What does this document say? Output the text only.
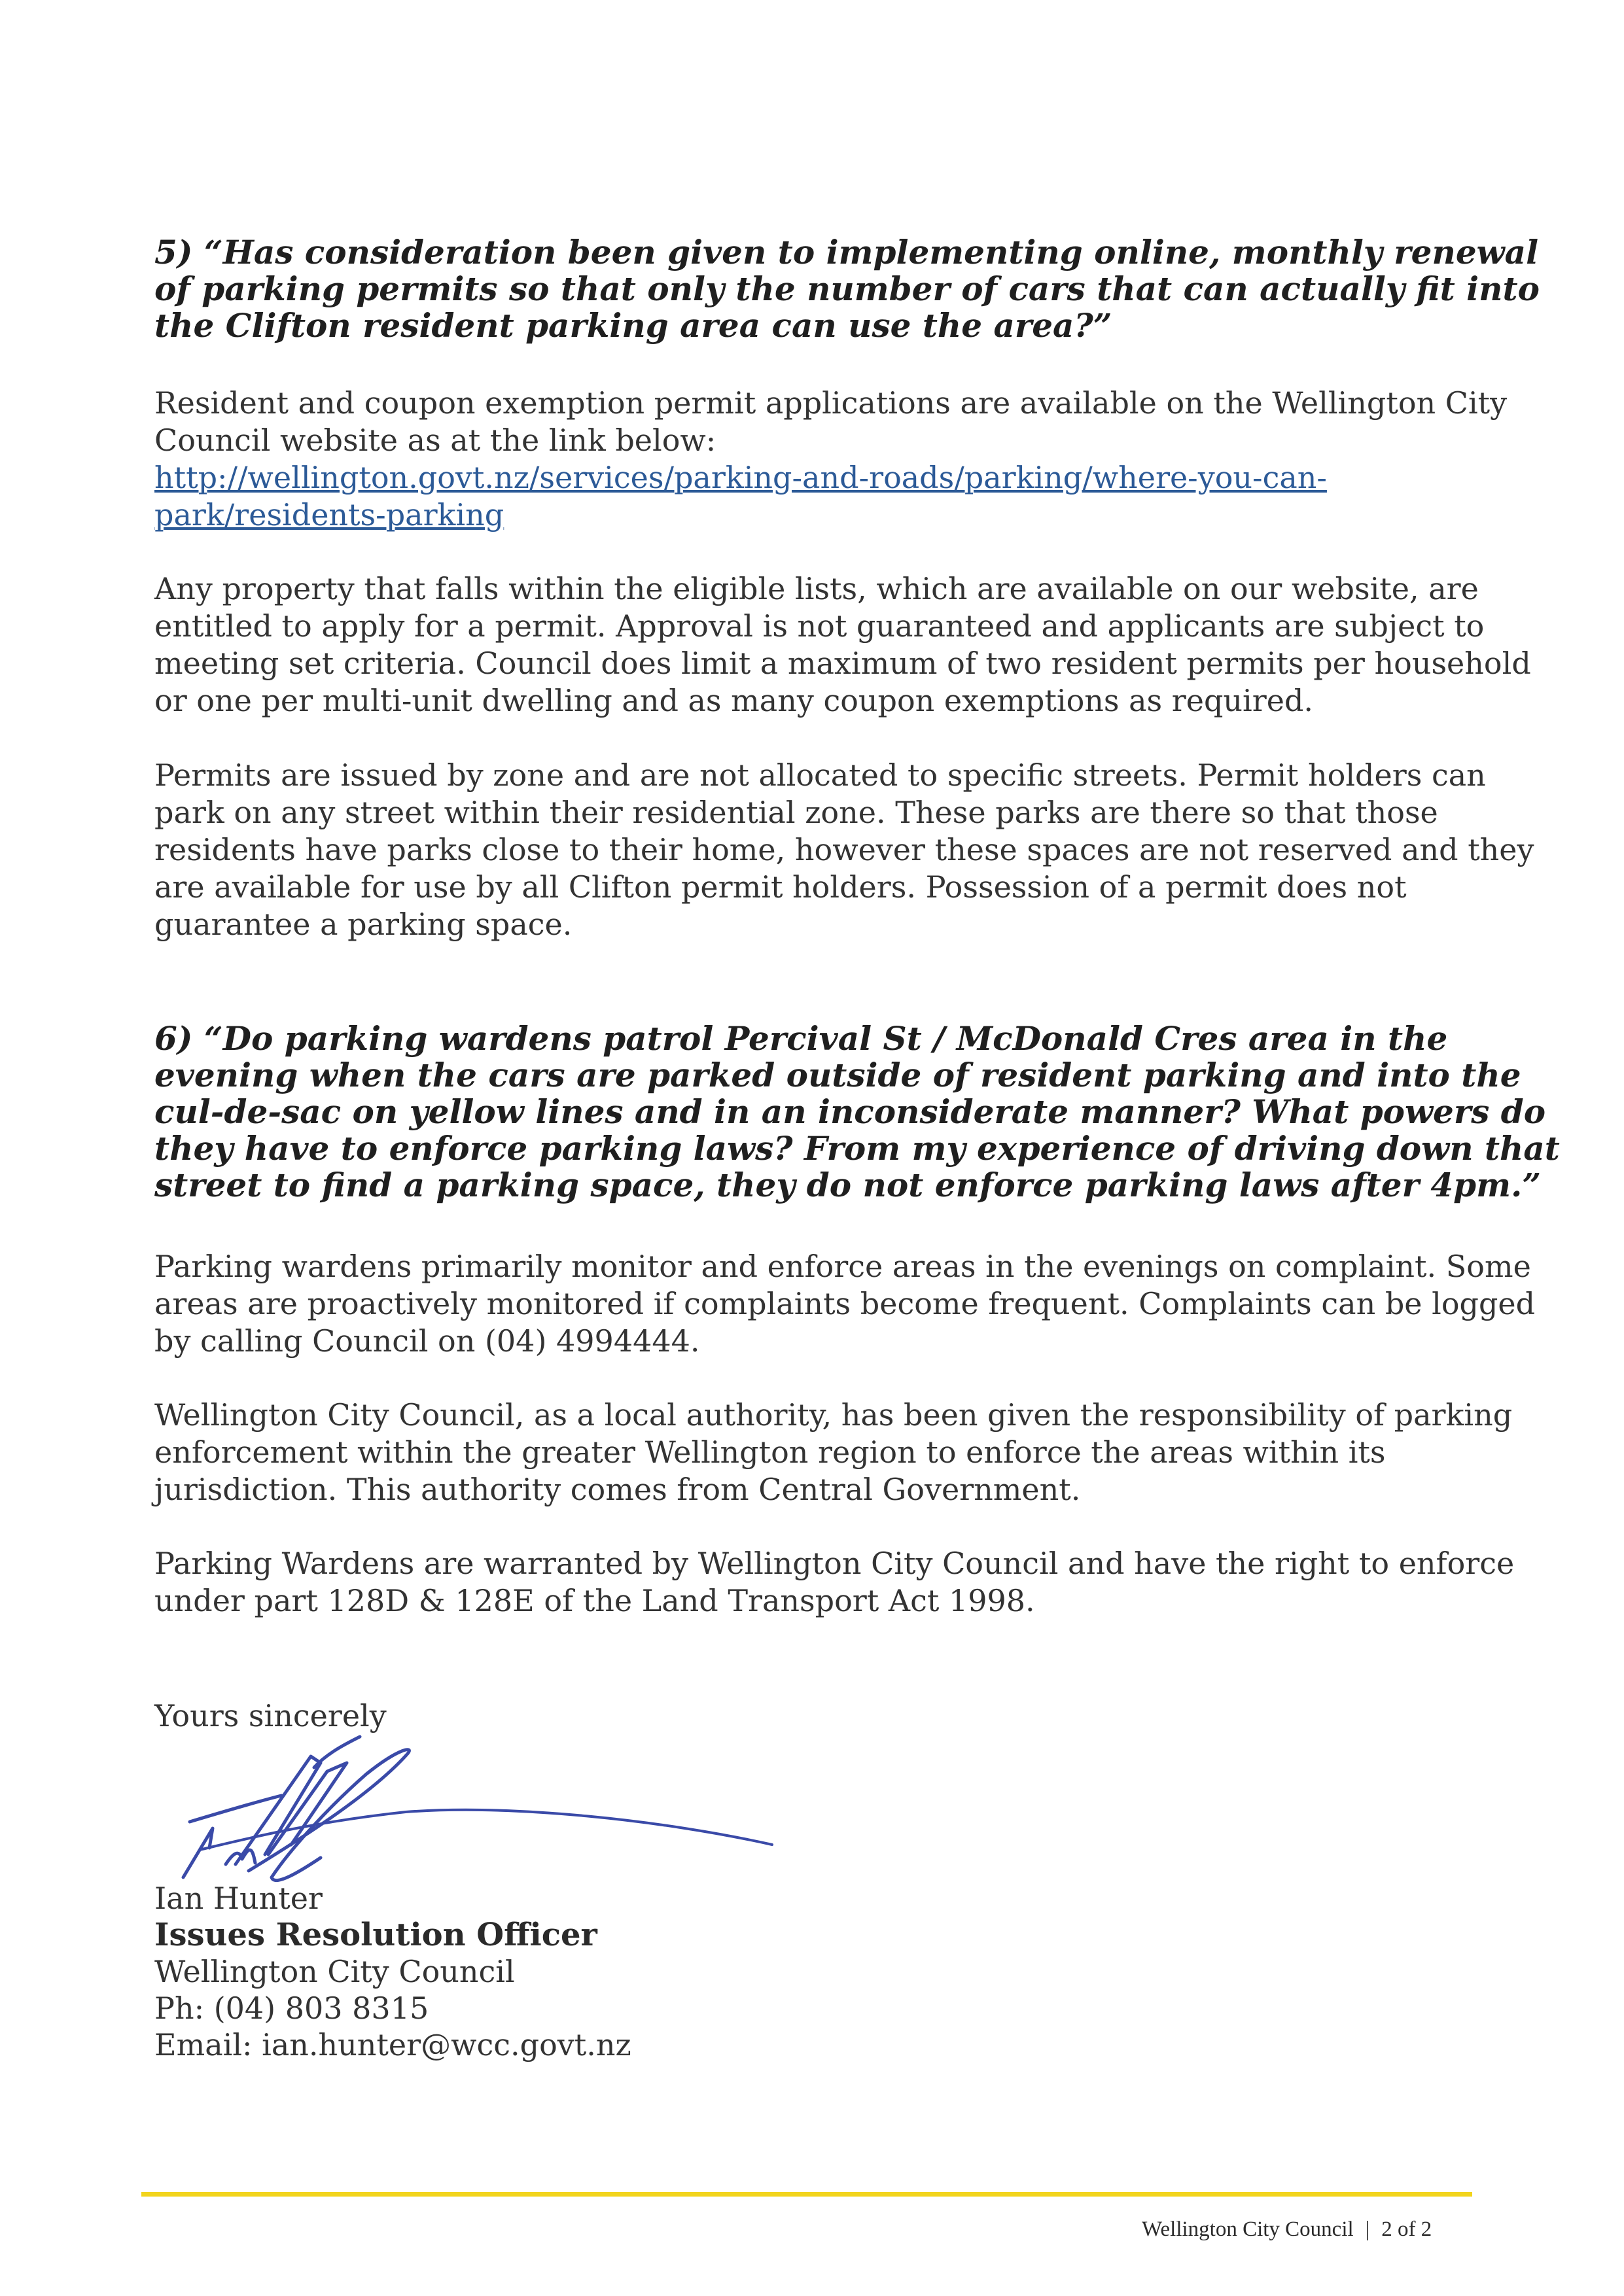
5) “Has consideration been given to implementing online, monthly renewal
of parking permits so that only the number of cars that can actually fit into
the Clifton resident parking area can use the area?”
Resident and coupon exemption permit applications are available on the Wellington City
Council website as at the link below:
http://wellington.govt.nz/services/parking-and-roads/parking/where-you-can-
park/residents-parking
Any property that falls within the eligible lists, which are available on our website, are
entitled to apply for a permit. Approval is not guaranteed and applicants are subject to
meeting set criteria. Council does limit a maximum of two resident permits per household
or one per multi-unit dwelling and as many coupon exemptions as required.
Permits are issued by zone and are not allocated to specific streets. Permit holders can
park on any street within their residential zone. These parks are there so that those
residents have parks close to their home, however these spaces are not reserved and they
are available for use by all Clifton permit holders. Possession of a permit does not
guarantee a parking space.
6) “Do parking wardens patrol Percival St / McDonald Cres area in the
evening when the cars are parked outside of resident parking and into the
cul-de-sac on yellow lines and in an inconsiderate manner? What powers do
they have to enforce parking laws? From my experience of driving down that
street to find a parking space, they do not enforce parking laws after 4pm.”
Parking wardens primarily monitor and enforce areas in the evenings on complaint. Some
areas are proactively monitored if complaints become frequent. Complaints can be logged
by calling Council on (04) 4994444.
Wellington City Council, as a local authority, has been given the responsibility of parking
enforcement within the greater Wellington region to enforce the areas within its
jurisdiction. This authority comes from Central Government.
Parking Wardens are warranted by Wellington City Council and have the right to enforce
under part 128D & 128E of the Land Transport Act 1998.
Yours sincerely
Ian Hunter
Issues Resolution Officer
Wellington City Council
Ph: (04) 803 8315
Email: ian.hunter@wcc.govt.nz
Wellington City Council | 2 of 2
